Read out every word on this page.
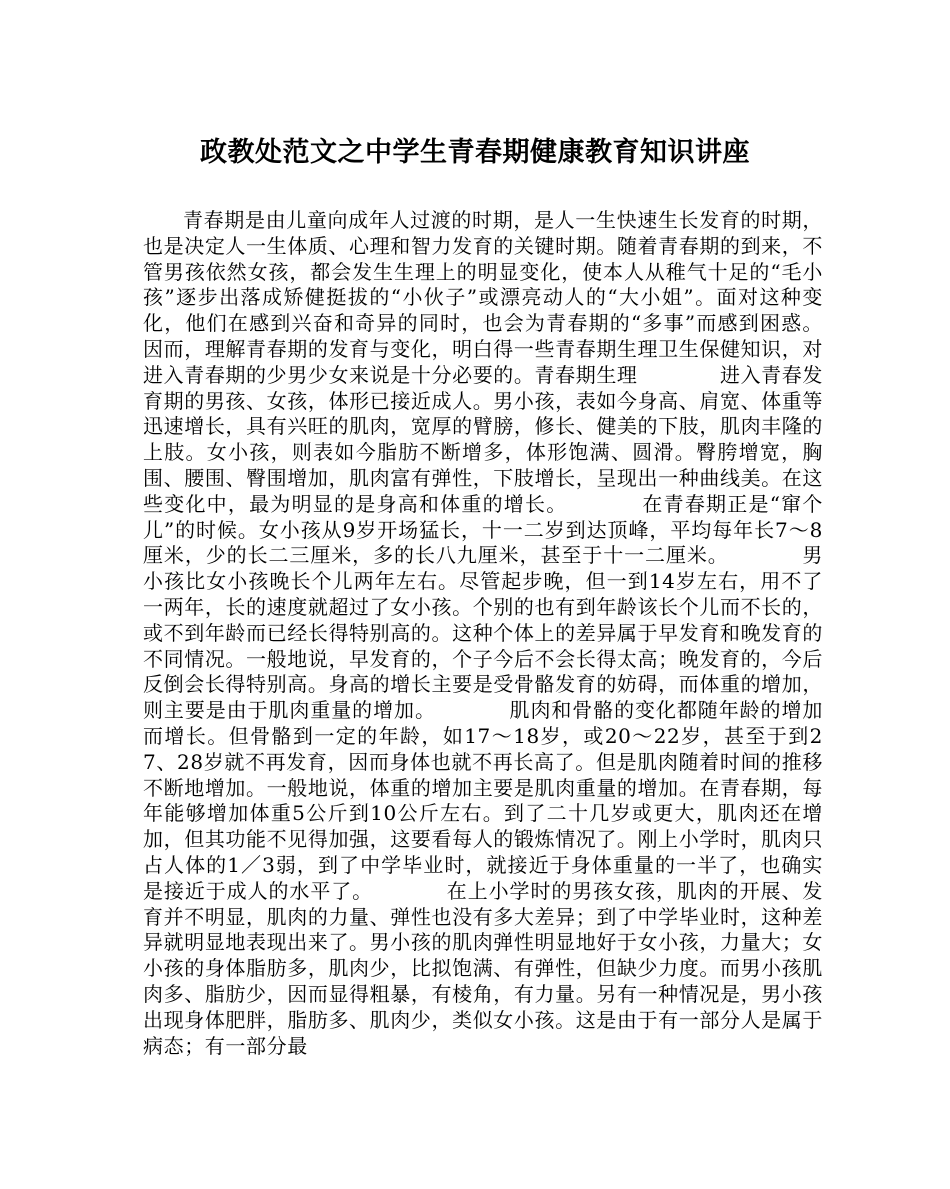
政教处范文之中学生青春期健康教育知识讲座

青春期是由儿童向成年人过渡的时期，是人一生快速生长发育的时期，也是决定人一生体质、心理和智力发育的关键时期。随着青春期的到来，不管男孩依然女孩，都会发生生理上的明显变化，使本人从稚气十足的“毛小孩”逐步出落成矫健挺拔的“小伙子”或漂亮动人的“大小姐”。面对这种变化，他们在感到兴奋和奇异的同时，也会为青春期的“多事”而感到困惑。因而，理解青春期的发育与变化，明白得一些青春期生理卫生保健知识，对进入青春期的少男少女来说是十分必要的。青春期生理　　　　进入青春发育期的男孩、女孩，体形已接近成人。男小孩，表如今身高、肩宽、体重等迅速增长，具有兴旺的肌肉，宽厚的臂膀，修长、健美的下肢，肌肉丰隆的上肢。女小孩，则表如今脂肪不断增多，体形饱满、圆滑。臀胯增宽，胸围、腰围、臀围增加，肌肉富有弹性，下肢增长，呈现出一种曲线美。在这些变化中，最为明显的是身高和体重的增长。　　　　在青春期正是“窜个儿”的时候。女小孩从9岁开场猛长，十一二岁到达顶峰，平均每年长7～8厘米，少的长二三厘米，多的长八九厘米，甚至于十一二厘米。　　　　男小孩比女小孩晚长个儿两年左右。尽管起步晚，但一到14岁左右，用不了一两年，长的速度就超过了女小孩。个别的也有到年龄该长个儿而不长的，或不到年龄而已经长得特别高的。这种个体上的差异属于早发育和晚发育的不同情况。一般地说，早发育的，个子今后不会长得太高；晚发育的，今后反倒会长得特别高。身高的增长主要是受骨骼发育的妨碍，而体重的增加，则主要是由于肌肉重量的增加。　　　　肌肉和骨骼的变化都随年龄的增加而增长。但骨骼到一定的年龄，如17～18岁，或20～22岁，甚至于到27、28岁就不再发育，因而身体也就不再长高了。但是肌肉随着时间的推移不断地增加。一般地说，体重的增加主要是肌肉重量的增加。在青春期，每年能够增加体重5公斤到10公斤左右。到了二十几岁或更大，肌肉还在增加，但其功能不见得加强，这要看每人的锻炼情况了。刚上小学时，肌肉只占人体的1／3弱，到了中学毕业时，就接近于身体重量的一半了，也确实是接近于成人的水平了。　　　　在上小学时的男孩女孩，肌肉的开展、发育并不明显，肌肉的力量、弹性也没有多大差异；到了中学毕业时，这种差异就明显地表现出来了。男小孩的肌肉弹性明显地好于女小孩，力量大；女小孩的身体脂肪多，肌肉少，比拟饱满、有弹性，但缺少力度。而男小孩肌肉多、脂肪少，因而显得粗暴，有棱角，有力量。另有一种情况是，男小孩出现身体肥胖，脂肪多、肌肉少，类似女小孩。这是由于有一部分人是属于病态；有一部分最
